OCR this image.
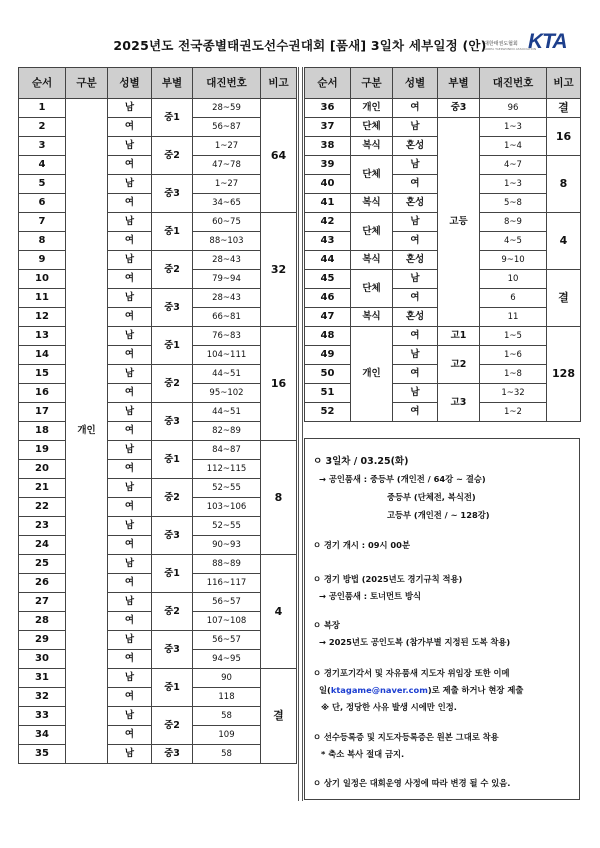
2025년도 전국종별태권도선수권대회 [품새] 3일차 세부일정 (안)
대한태권도협회
KOREA TAEKWONDO ASSOCIATION
KTA
순서	구분	성별	부별	대진번호	비고
1	개인	남	중1	28~59	64
2		여		56~87	
3		남	중2	1~27	
4		여		47~78	
5		남	중3	1~27	
6		여		34~65	
7		남	중1	60~75	32
8		여		88~103	
9		남	중2	28~43	
10		여		79~94	
11		남	중3	28~43	
12		여		66~81	
13		남	중1	76~83	16
14		여		104~111	
15		남	중2	44~51	
16		여		95~102	
17		남	중3	44~51	
18		여		82~89	
19		남	중1	84~87	8
20		여		112~115	
21		남	중2	52~55	
22		여		103~106	
23		남	중3	52~55	
24		여		90~93	
25		남	중1	88~89	4
26		여		116~117	
27		남	중2	56~57	
28		여		107~108	
29		남	중3	56~57	
30		여		94~95	
31		남	중1	90	결
32		여		118	
33		남	중2	58	
34		여		109	
35		남	중3	58	
순서	구분	성별	부별	대진번호	비고
36	개인	여	중3	96	결
37	단체	남	고등	1~3	16
38	복식	혼성		1~4	
39	단체	남		4~7	8
40		여		1~3	
41	복식	혼성		5~8	
42	단체	남		8~9	4
43		여		4~5	
44	복식	혼성		9~10	
45	단체	남		10	결
46		여		6	
47	복식	혼성		11	
48	개인	여	고1	1~5	128
49		남	고2	1~6	
50		여		1~8	
51		남	고3	1~32	
52		여		1~2	
ㅇ 3일차 / 03.25(화)
→ 공인품새 : 중등부 (개인전 / 64강 ~ 결승)
중등부 (단체전, 복식전)
고등부 (개인전 / ~ 128강)
ㅇ 경기 개시 : 09시 00분
ㅇ 경기 방법 (2025년도 경기규칙 적용)
→ 공인품새 : 토너먼트 방식
ㅇ 복장
→ 2025년도 공인도복 (참가부별 지정된 도복 착용)
ㅇ 경기포기각서 및 자유품새 지도자 위임장 또한 이메
일(ktagame@naver.com)로 제출 하거나 현장 제출
※ 단, 정당한 사유 발생 시에만 인정.
ㅇ 선수등록증 및 지도자등록증은 원본 그대로 착용
* 축소 복사 절대 금지.
ㅇ 상기 일정은 대회운영 사정에 따라 변경 될 수 있음.
